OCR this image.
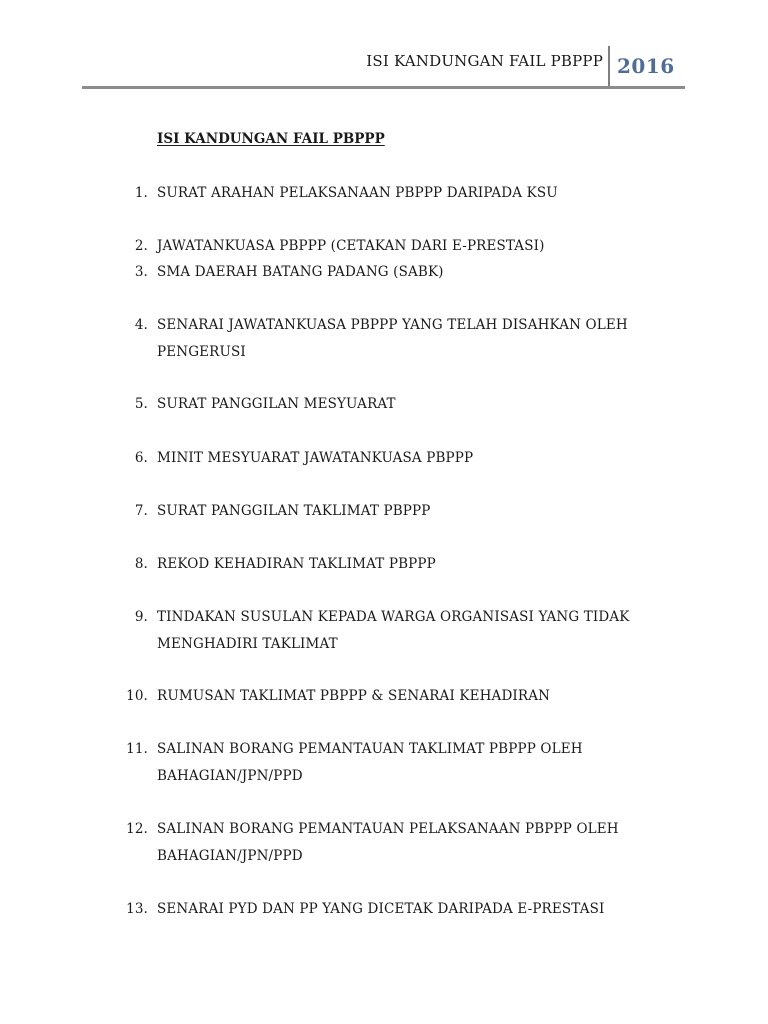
ISI KANDUNGAN FAIL PBPPP 2016
ISI KANDUNGAN FAIL PBPPP
1. SURAT ARAHAN PELAKSANAAN PBPPP DARIPADA KSU
2. JAWATANKUASA PBPPP (CETAKAN DARI E-PRESTASI)
3. SMA DAERAH BATANG PADANG (SABK)
4. SENARAI JAWATANKUASA PBPPP YANG TELAH DISAHKAN OLEH
PENGERUSI
5. SURAT PANGGILAN MESYUARAT
6. MINIT MESYUARAT JAWATANKUASA PBPPP
7. SURAT PANGGILAN TAKLIMAT PBPPP
8. REKOD KEHADIRAN TAKLIMAT PBPPP
9. TINDAKAN SUSULAN KEPADA WARGA ORGANISASI YANG TIDAK
MENGHADIRI TAKLIMAT
10. RUMUSAN TAKLIMAT PBPPP & SENARAI KEHADIRAN
11. SALINAN BORANG PEMANTAUAN TAKLIMAT PBPPP OLEH
BAHAGIAN/JPN/PPD
12. SALINAN BORANG PEMANTAUAN PELAKSANAAN PBPPP OLEH
BAHAGIAN/JPN/PPD
13. SENARAI PYD DAN PP YANG DICETAK DARIPADA E-PRESTASI
